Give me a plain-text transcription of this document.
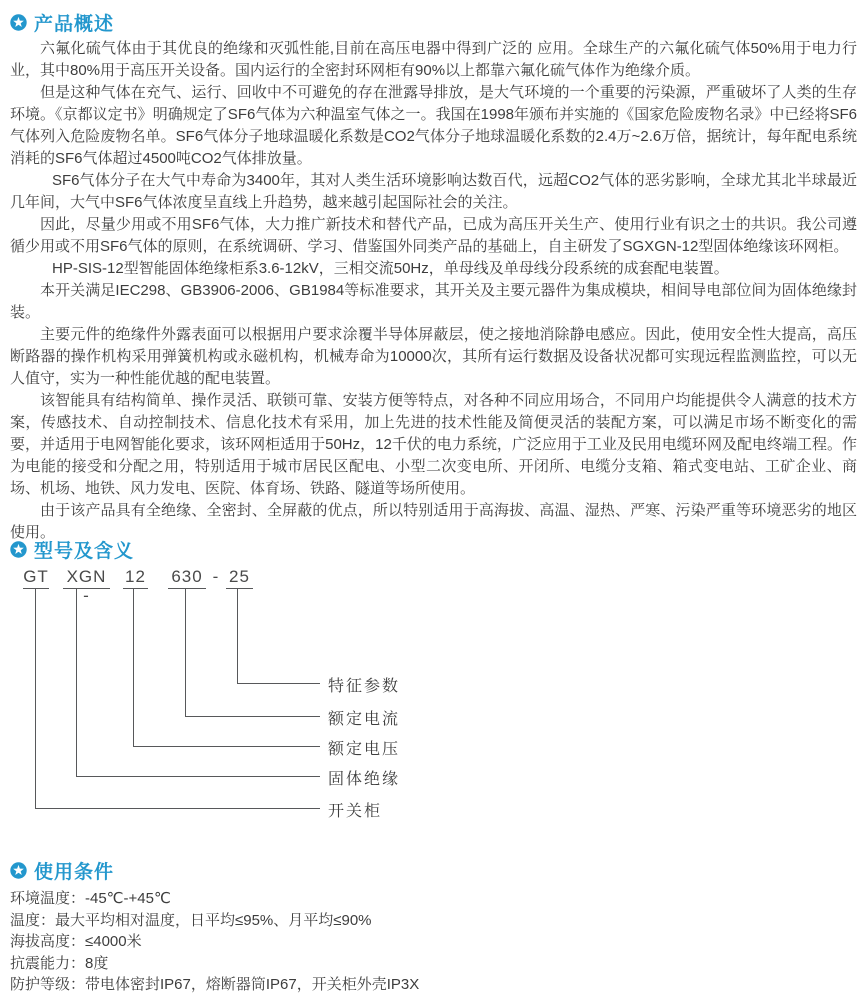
产品概述

六氟化硫气体由于其优良的绝缘和灭弧性能,目前在高压电器中得到广泛的 应用。全球生产的六氟化硫气体50%用于电力行业，其中80%用于高压开关设备。国内运行的全密封环网柜有90%以上都靠六氟化硫气体作为绝缘介质。

但是这种气体在充气、运行、回收中不可避免的存在泄露导排放，是大气环境的一个重要的污染源，严重破坏了人类的生存环境。《京都议定书》明确规定了SF6气体为六种温室气体之一。我国在1998年颁布并实施的《国家危险废物名录》中已经将SF6气体列入危险废物名单。SF6气体分子地球温暖化系数是CO2气体分子地球温暖化系数的2.4万~2.6万倍，据统计，每年配电系统消耗的SF6气体超过4500吨CO2气体排放量。

SF6气体分子在大气中寿命为3400年，其对人类生活环境影响达数百代，远超CO2气体的恶劣影响，全球尤其北半球最近几年间，大气中SF6气体浓度呈直线上升趋势，越来越引起国际社会的关注。

因此，尽量少用或不用SF6气体，大力推广新技术和替代产品，已成为高压开关生产、使用行业有识之士的共识。我公司遵循少用或不用SF6气体的原则，在系统调研、学习、借鉴国外同类产品的基础上，自主研发了SGXGN-12型固体绝缘该环网柜。

HP-SIS-12型智能固体绝缘柜系3.6-12kV，三相交流50Hz，单母线及单母线分段系统的成套配电装置。

本开关满足IEC298、GB3906-2006、GB1984等标准要求，其开关及主要元器件为集成模块，相间导电部位间为固体绝缘封装。

主要元件的绝缘件外露表面可以根据用户要求涂覆半导体屏蔽层，使之接地消除静电感应。因此，使用安全性大提高，高压断路器的操作机构采用弹簧机构或永磁机构，机械寿命为10000次，其所有运行数据及设备状况都可实现远程监测监控，可以无人值守，实为一种性能优越的配电装置。

该智能具有结构简单、操作灵活、联锁可靠、安装方便等特点，对各种不同应用场合，不同用户均能提供令人满意的技术方案，传感技术、自动控制技术、信息化技术有采用，加上先进的技术性能及简便灵活的装配方案，可以满足市场不断变化的需要，并适用于电网智能化要求，该环网柜适用于50Hz，12千伏的电力系统，广泛应用于工业及民用电缆环网及配电终端工程。作为电能的接受和分配之用，特别适用于城市居民区配电、小型二次变电所、开闭所、电缆分支箱、箱式变电站、工矿企业、商场、机场、地铁、风力发电、医院、体育场、铁路、隧道等场所使用。

由于该产品具有全绝缘、全密封、全屏蔽的优点，所以特别适用于高海拔、高温、湿热、严寒、污染严重等环境恶劣的地区使用。

型号及含义
GT XGN -
12 630 - 25
特征参数
额定电流
额定电压
固体绝缘
开关柜
使用条件

环境温度：-45℃-+45℃

温度：最大平均相对温度，日平均≤95%、月平均≤90%

海拔高度：≤4000米

抗震能力：8度

防护等级：带电体密封IP67，熔断器筒IP67，开关柜外壳IP3X
